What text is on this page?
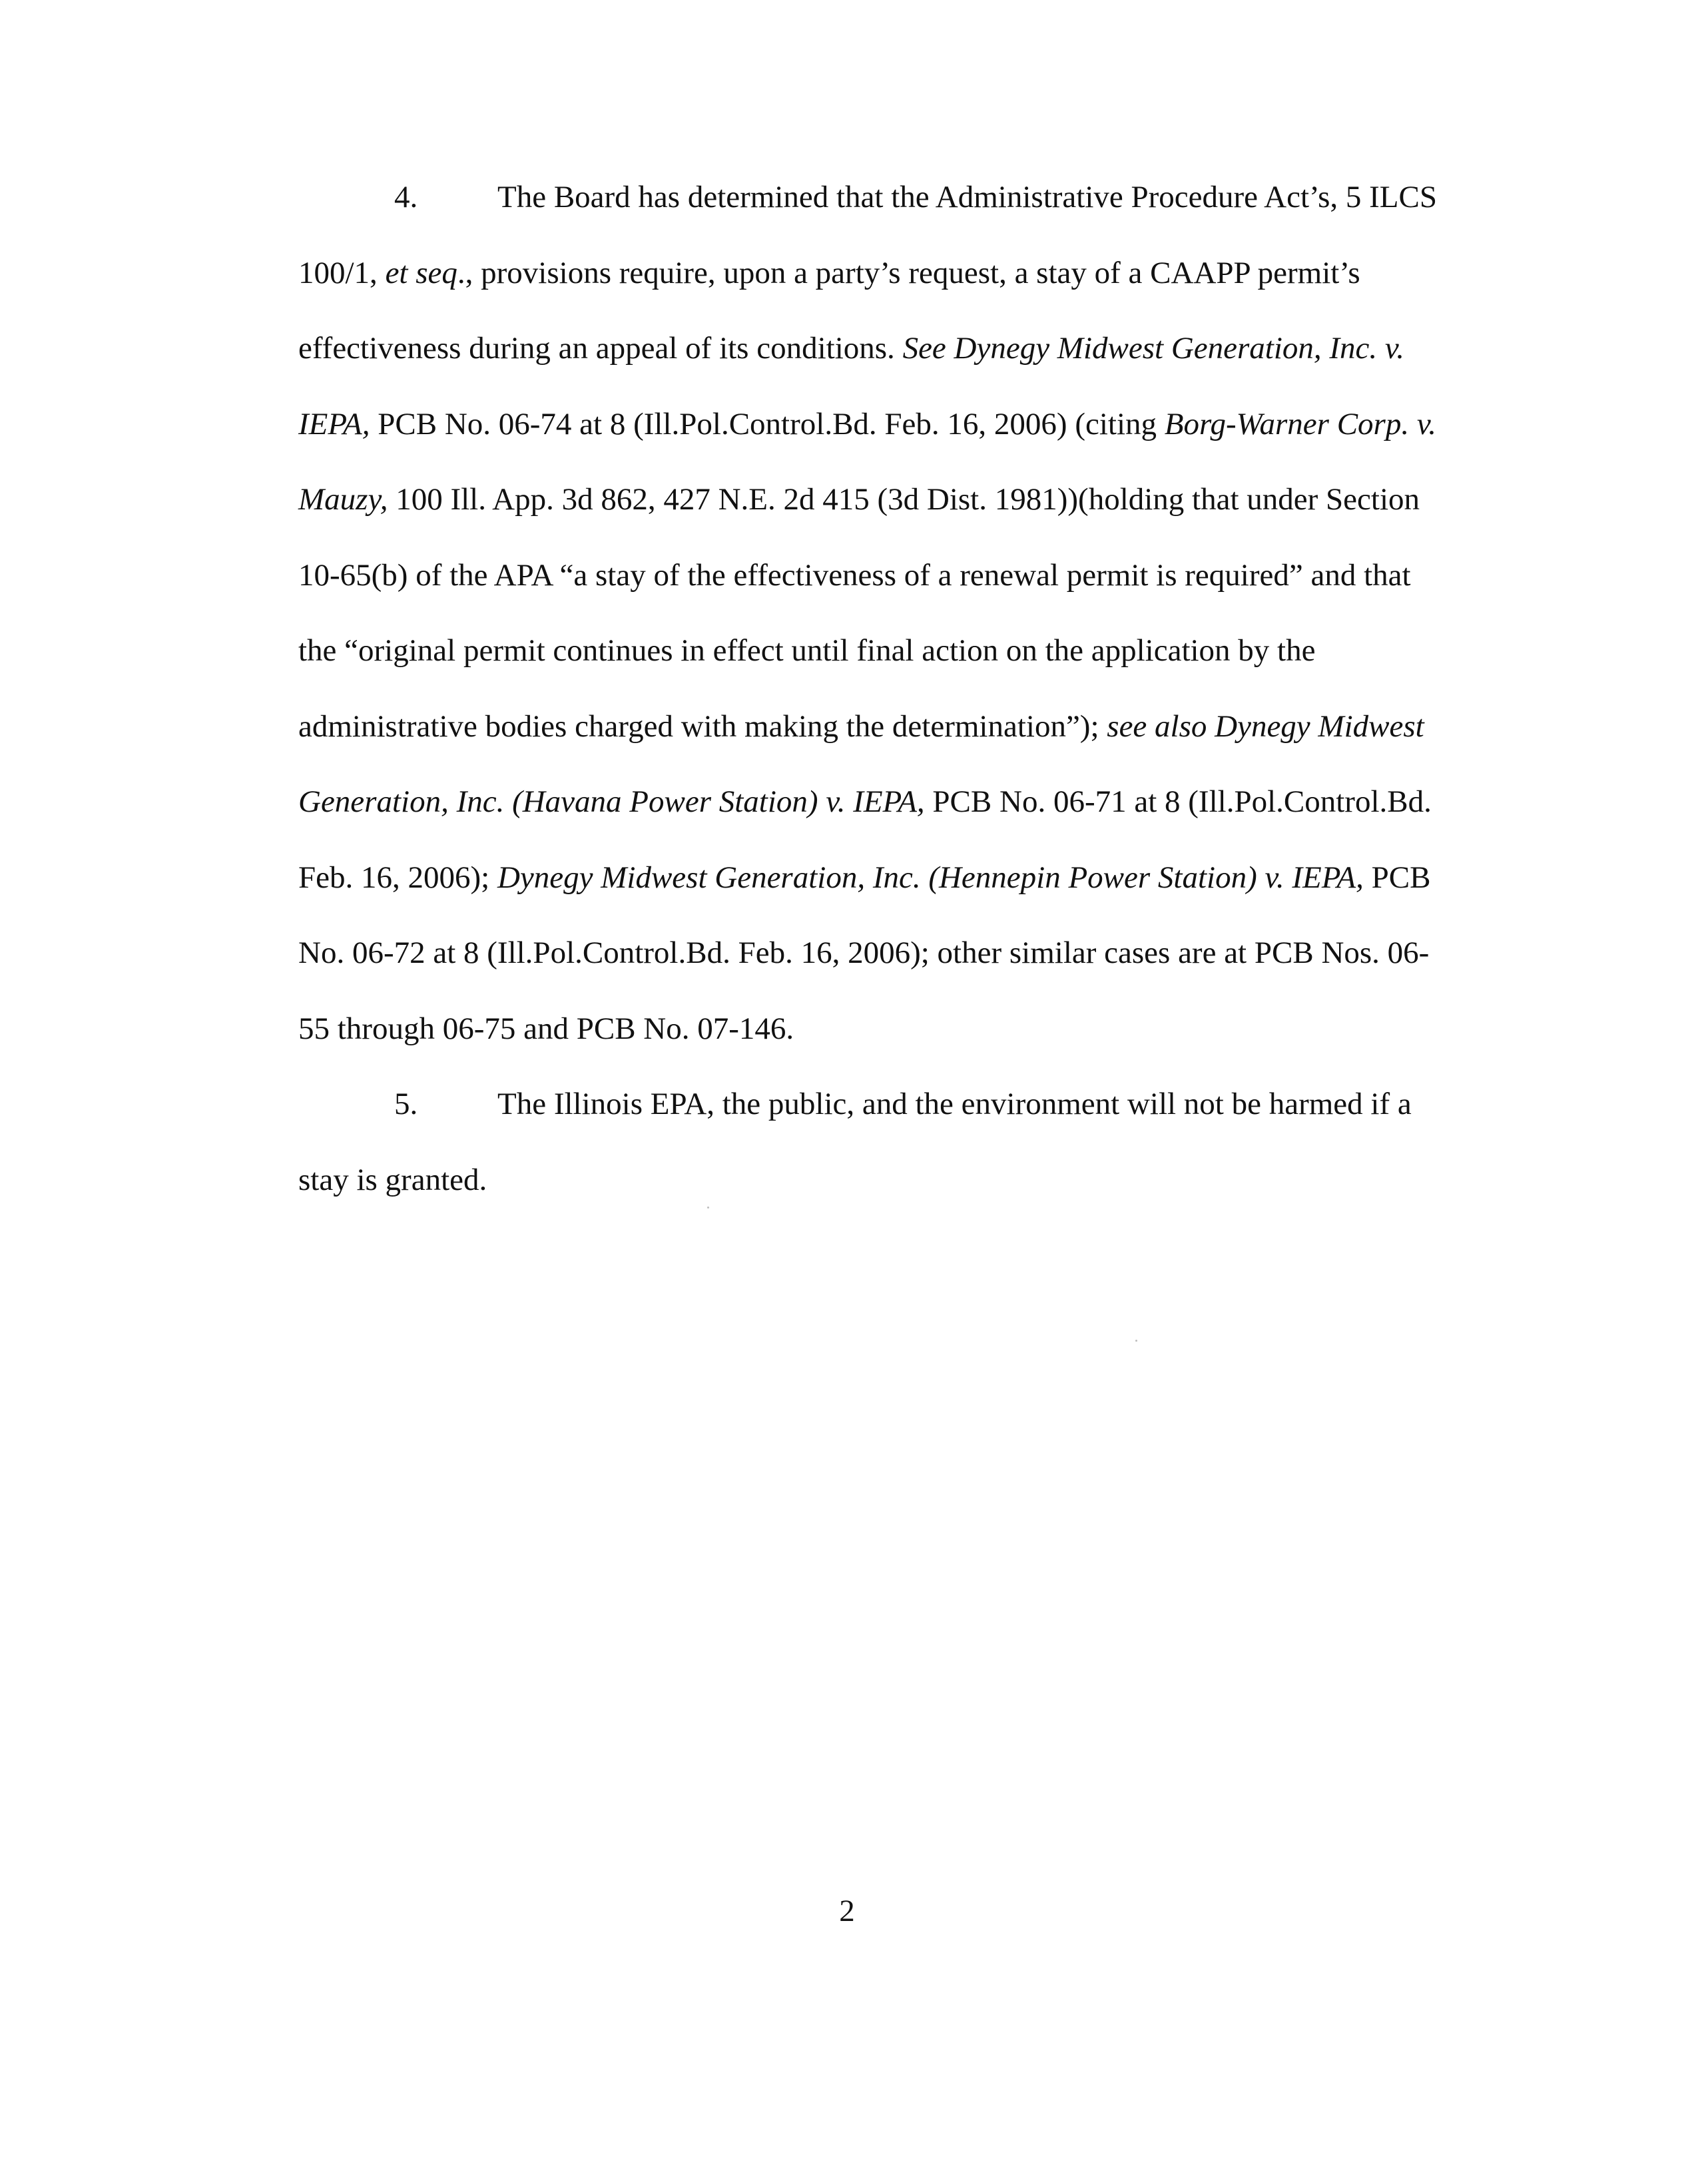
4.	The Board has determined that the Administrative Procedure Act’s, 5 ILCS 100/1, et seq., provisions require, upon a party’s request, a stay of a CAAPP permit’s effectiveness during an appeal of its conditions. See Dynegy Midwest Generation, Inc. v. IEPA, PCB No. 06-74 at 8 (Ill.Pol.Control.Bd. Feb. 16, 2006) (citing Borg-Warner Corp. v. Mauzy, 100 Ill. App. 3d 862, 427 N.E. 2d 415 (3d Dist. 1981))(holding that under Section 10-65(b) of the APA “a stay of the effectiveness of a renewal permit is required” and that the “original permit continues in effect until final action on the application by the administrative bodies charged with making the determination”); see also Dynegy Midwest Generation, Inc. (Havana Power Station) v. IEPA, PCB No. 06-71 at 8 (Ill.Pol.Control.Bd. Feb. 16, 2006); Dynegy Midwest Generation, Inc. (Hennepin Power Station) v. IEPA, PCB No. 06-72 at 8 (Ill.Pol.Control.Bd. Feb. 16, 2006); other similar cases are at PCB Nos. 06-55 through 06-75 and PCB No. 07-146.

5.	The Illinois EPA, the public, and the environment will not be harmed if a stay is granted.

2
